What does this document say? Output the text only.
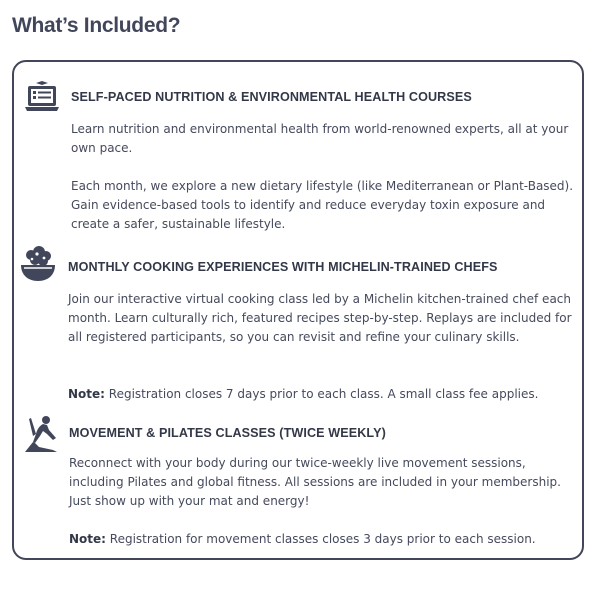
What’s Included?

SELF-PACED NUTRITION & ENVIRONMENTAL HEALTH COURSES

Learn nutrition and environmental health from world-renowned experts, all at your own pace.

Each month, we explore a new dietary lifestyle (like Mediterranean or Plant-Based). Gain evidence-based tools to identify and reduce everyday toxin exposure and create a safer, sustainable lifestyle.

MONTHLY COOKING EXPERIENCES WITH MICHELIN-TRAINED CHEFS

Join our interactive virtual cooking class led by a Michelin kitchen-trained chef each month. Learn culturally rich, featured recipes step-by-step. Replays are included for all registered participants, so you can revisit and refine your culinary skills.

Note: Registration closes 7 days prior to each class. A small class fee applies.

MOVEMENT & PILATES CLASSES (TWICE WEEKLY)

Reconnect with your body during our twice-weekly live movement sessions, including Pilates and global fitness. All sessions are included in your membership. Just show up with your mat and energy!

Note: Registration for movement classes closes 3 days prior to each session.
